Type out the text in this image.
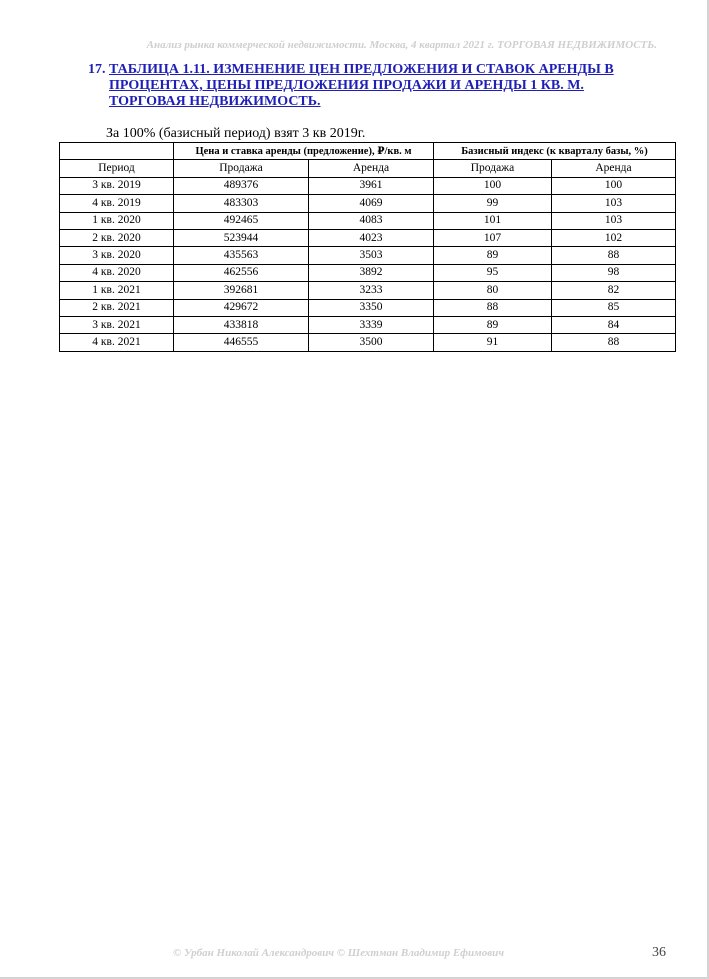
Анализ рынка коммерческой недвижимости. Москва, 4 квартал 2021 г. ТОРГОВАЯ НЕДВИЖИМОСТЬ.
17. ТАБЛИЦА 1.11. ИЗМЕНЕНИЕ ЦЕН ПРЕДЛОЖЕНИЯ И СТАВОК АРЕНДЫ В ПРОЦЕНТАХ, ЦЕНЫ ПРЕДЛОЖЕНИЯ ПРОДАЖИ И АРЕНДЫ 1 КВ. М. ТОРГОВАЯ НЕДВИЖИМОСТЬ.
За 100% (базисный период) взят 3 кв 2019г.
	Цена и ставка аренды (предложение), ₽/кв. м		Базисный индекс (к кварталу базы, %)	
Период	Продажа	Аренда	Продажа	Аренда
3 кв. 2019	489376	3961	100	100
4 кв. 2019	483303	4069	99	103
1 кв. 2020	492465	4083	101	103
2 кв. 2020	523944	4023	107	102
3 кв. 2020	435563	3503	89	88
4 кв. 2020	462556	3892	95	98
1 кв. 2021	392681	3233	80	82
2 кв. 2021	429672	3350	88	85
3 кв. 2021	433818	3339	89	84
4 кв. 2021	446555	3500	91	88
© Урбан Николай Александрович © Шехтман Владимир Ефимович	36
